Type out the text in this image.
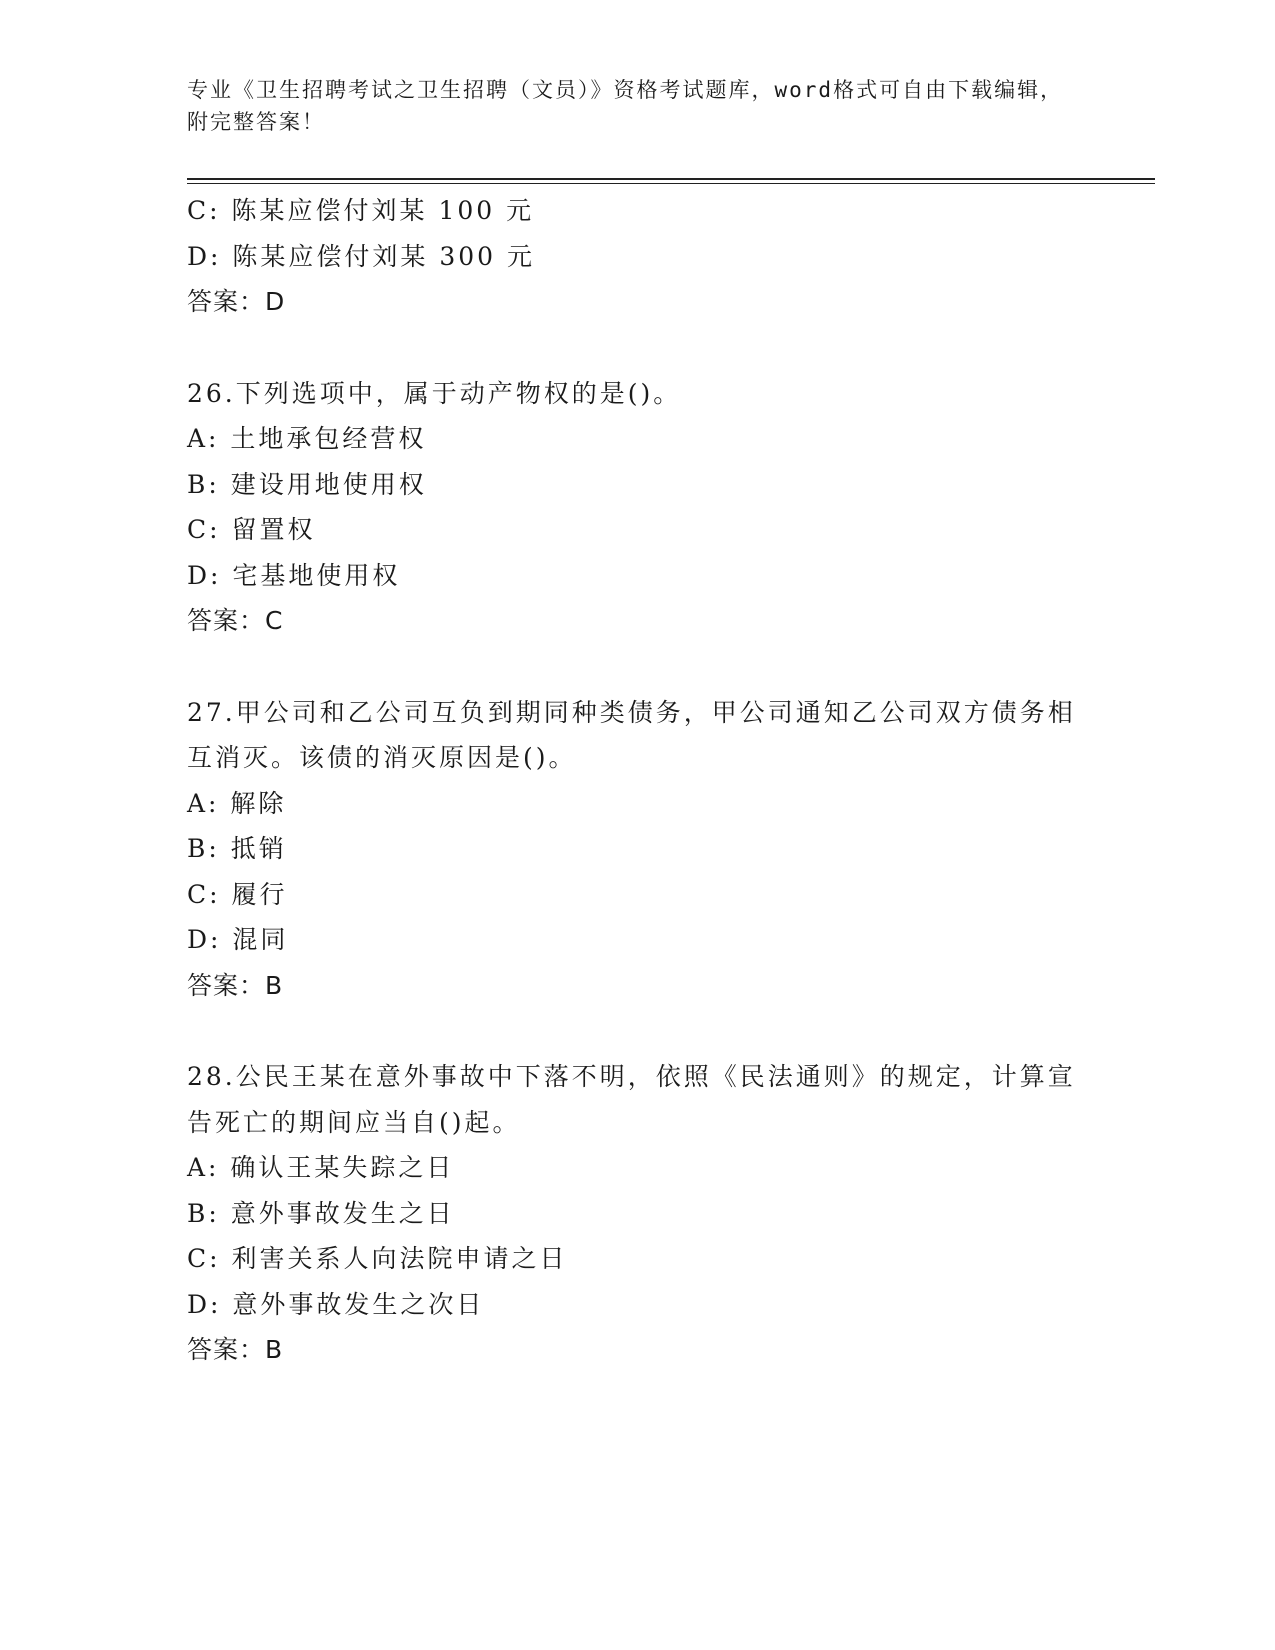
专业《卫生招聘考试之卫生招聘（文员）》资格考试题库，word格式可自由下载编辑，附完整答案！
C: 陈某应偿付刘某 100 元
D: 陈某应偿付刘某 300 元
答案：D
26.下列选项中，属于动产物权的是()。
A: 土地承包经营权
B: 建设用地使用权
C: 留置权
D: 宅基地使用权
答案：C
27.甲公司和乙公司互负到期同种类债务，甲公司通知乙公司双方债务相互消灭。该债的消灭原因是()。
A: 解除
B: 抵销
C: 履行
D: 混同
答案：B
28.公民王某在意外事故中下落不明，依照《民法通则》的规定，计算宣告死亡的期间应当自()起。
A: 确认王某失踪之日
B: 意外事故发生之日
C: 利害关系人向法院申请之日
D: 意外事故发生之次日
答案：B
